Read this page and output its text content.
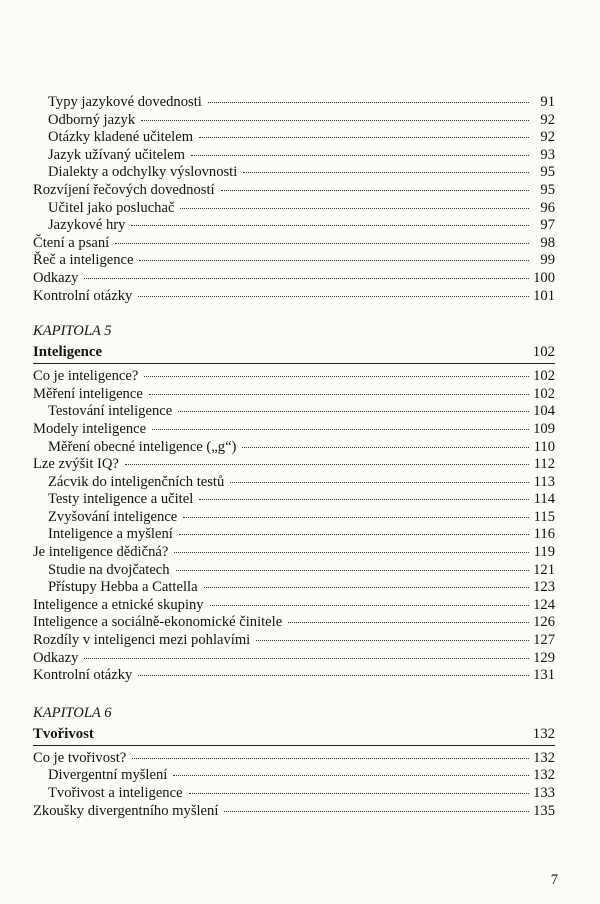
Typy jazykové dovednosti	91
Odborný jazyk	92
Otázky kladené učitelem	92
Jazyk užívaný učitelem	93
Dialekty a odchylky výslovnosti	95
Rozvíjení řečových dovedností	95
Učitel jako posluchač	96
Jazykové hry	97
Čtení a psaní	98
Řeč a inteligence	99
Odkazy	100
Kontrolní otázky	101
KAPITOLA 5
Inteligence	102
Co je inteligence?	102
Měření inteligence	102
Testování inteligence	104
Modely inteligence	109
Měření obecné inteligence („g“)	110
Lze zvýšit IQ?	112
Zácvik do inteligenčních testů	113
Testy inteligence a učitel	114
Zvyšování inteligence	115
Inteligence a myšlení	116
Je inteligence dědičná?	119
Studie na dvojčatech	121
Přístupy Hebba a Cattella	123
Inteligence a etnické skupiny	124
Inteligence a sociálně-ekonomické činitele	126
Rozdíly v inteligenci mezi pohlavími	127
Odkazy	129
Kontrolní otázky	131
KAPITOLA 6
Tvořivost	132
Co je tvořivost?	132
Divergentní myšlení	132
Tvořivost a inteligence	133
Zkoušky divergentního myšlení	135
7
